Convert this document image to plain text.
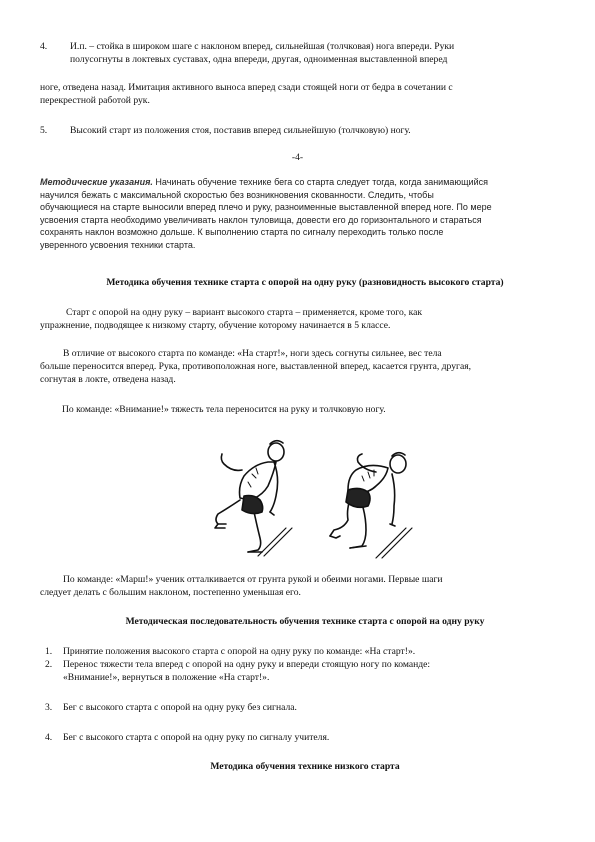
4. И.п. – стойка в широком шаге с наклоном вперед, сильнейшая (толчковая) нога впереди. Руки
полусогнуты в локтевых суставах, одна впереди, другая, одноименная выставленной вперед
ноге, отведена назад. Имитация активного выноса вперед сзади стоящей ноги от бедра в сочетании с
перекрестной работой рук.
5. Высокий старт из положения стоя, поставив вперед сильнейшую (толчковую) ногу.
-4-
Методические указания. Начинать обучение технике бега со старта следует тогда, когда занимающийся
научился бежать с максимальной скоростью без возникновения скованности. Следить, чтобы
обучающиеся на старте выносили вперед плечо и руку, разноименные выставленной вперед ноге. По мере
усвоения старта необходимо увеличивать наклон туловища, довести его до горизонтального и стараться
сохранять наклон возможно дольше. К выполнению старта по сигналу переходить только после
уверенного усвоения техники старта.
Методика обучения технике старта с опорой на одну руку (разновидность высокого старта)
Старт с опорой на одну руку – вариант высокого старта – применяется, кроме того, как
упражнение, подводящее к низкому старту, обучение которому начинается в 5 классе.
В отличие от высокого старта по команде: «На старт!», ноги здесь согнуты сильнее, вес тела
больше переносится вперед. Рука, противоположная ноге, выставленной вперед, касается грунта, другая,
согнутая в локте, отведена назад.
По команде: «Внимание!» тяжесть тела переносится на руку и толчковую ногу.
По команде: «Марш!» ученик отталкивается от грунта рукой и обеими ногами. Первые шаги
следует делать с большим наклоном, постепенно уменьшая его.
Методическая последовательность обучения технике старта с опорой на одну руку
1. Принятие положения высокого старта с опорой на одну руку по команде: «На старт!».
2. Перенос тяжести тела вперед с опорой на одну руку и впереди стоящую ногу по команде:
«Внимание!», вернуться в положение «На старт!».
3. Бег с высокого старта с опорой на одну руку без сигнала.
4. Бег с высокого старта с опорой на одну руку по сигналу учителя.
Методика обучения технике низкого старта
